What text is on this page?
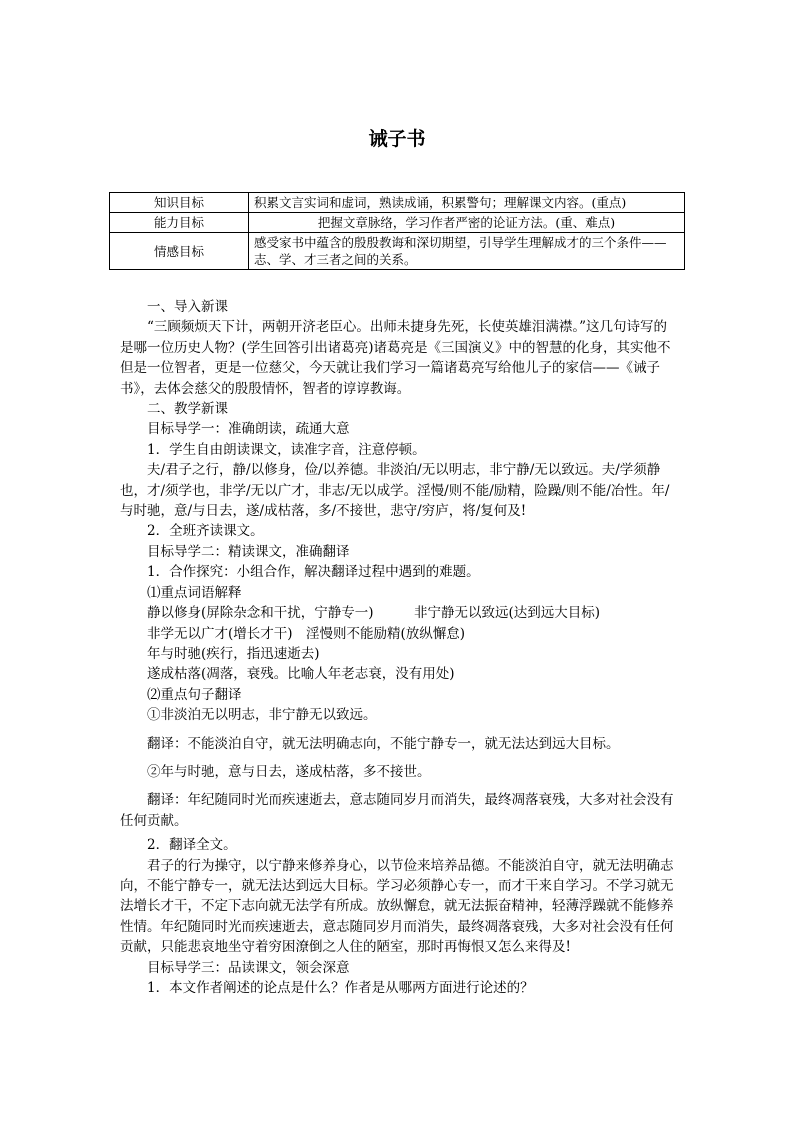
诫子书
知识目标	积累文言实词和虚词，熟读成诵，积累警句；理解课文内容。(重点)
能力目标	把握文章脉络，学习作者严密的论证方法。(重、难点)
情感目标	感受家书中蕴含的殷殷教诲和深切期望，引导学生理解成才的三个条件——志、学、才三者之间的关系。

一、导入新课

“三顾频烦天下计，两朝开济老臣心。出师未捷身先死，长使英雄泪满襟。”这几句诗写的是哪一位历史人物？(学生回答引出诸葛亮)诸葛亮是《三国演义》中的智慧的化身，其实他不但是一位智者，更是一位慈父，今天就让我们学习一篇诸葛亮写给他儿子的家信——《诫子书》，去体会慈父的殷殷情怀，智者的谆谆教诲。

二、教学新课

目标导学一：准确朗读，疏通大意

1．学生自由朗读课文，读准字音，注意停顿。

夫/君子之行，静/以修身，俭/以养德。非淡泊/无以明志，非宁静/无以致远。夫/学须静也，才/须学也，非学/无以广才，非志/无以成学。淫慢/则不能/励精，险躁/则不能/冶性。年/与时驰，意/与日去，遂/成枯落，多/不接世，悲守/穷庐，将/复何及!

2．全班齐读课文。

目标导学二：精读课文，准确翻译

1．合作探究：小组合作，解决翻译过程中遇到的难题。

⑴重点词语解释

静以修身(屏除杂念和干扰，宁静专一)　　　非宁静无以致远(达到远大目标)

非学无以广才(增长才干)　淫慢则不能励精(放纵懈怠)

年与时驰(疾行，指迅速逝去)

遂成枯落(凋落，衰残。比喻人年老志衰，没有用处)

⑵重点句子翻译

①非淡泊无以明志，非宁静无以致远。

翻译：不能淡泊自守，就无法明确志向，不能宁静专一，就无法达到远大目标。

②年与时驰，意与日去，遂成枯落，多不接世。

翻译：年纪随同时光而疾速逝去，意志随同岁月而消失，最终凋落衰残，大多对社会没有任何贡献。

2．翻译全文。

君子的行为操守，以宁静来修养身心，以节俭来培养品德。不能淡泊自守，就无法明确志向，不能宁静专一，就无法达到远大目标。学习必须静心专一，而才干来自学习。不学习就无法增长才干，不定下志向就无法学有所成。放纵懈怠，就无法振奋精神，轻薄浮躁就不能修养性情。年纪随同时光而疾速逝去，意志随同岁月而消失，最终凋落衰残，大多对社会没有任何贡献，只能悲哀地坐守着穷困潦倒之人住的陋室，那时再悔恨又怎么来得及!

目标导学三：品读课文，领会深意

1．本文作者阐述的论点是什么？作者是从哪两方面进行论述的？
